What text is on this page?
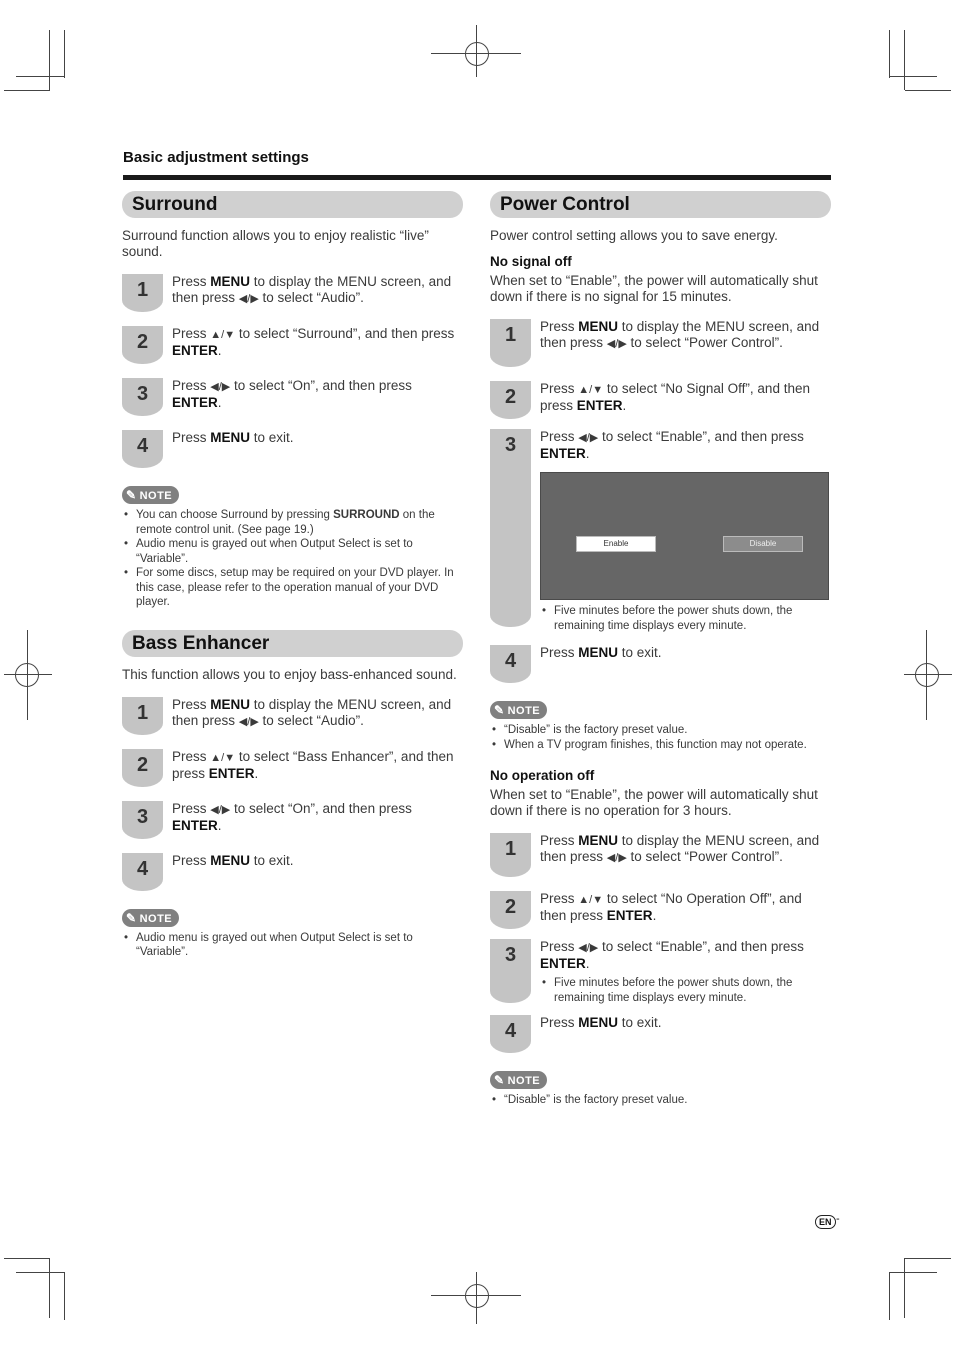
Basic adjustment settings
Surround

Surround function allows you to enjoy realistic “live” sound.

1	Press MENU to display the MENU screen, and then press ◀/▶ to select “Audio”.
2	Press ▲/▼ to select “Surround”, and then press ENTER.
3	Press ◀/▶ to select “On”, and then press ENTER.
4	Press MENU to exit.
✎ NOTE
• You can choose Surround by pressing SURROUND on the remote control unit. (See page 19.)
• Audio menu is grayed out when Output Select is set to “Variable”.
• For some discs, setup may be required on your DVD player. In this case, please refer to the operation manual of your DVD player.
Bass Enhancer

This function allows you to enjoy bass-enhanced sound.

1	Press MENU to display the MENU screen, and then press ◀/▶ to select “Audio”.
2	Press ▲/▼ to select “Bass Enhancer”, and then press ENTER.
3	Press ◀/▶ to select “On”, and then press ENTER.
4	Press MENU to exit.
✎ NOTE
• Audio menu is grayed out when Output Select is set to “Variable”.
Power Control

Power control setting allows you to save energy.

No signal off

When set to “Enable”, the power will automatically shut down if there is no signal for 15 minutes.

1	Press MENU to display the MENU screen, and then press ◀/▶ to select “Power Control”.
2	Press ▲/▼ to select “No Signal Off”, and then press ENTER.
3	Press ◀/▶ to select “Enable”, and then press ENTER.
Enable	Disable
• Five minutes before the power shuts down, the remaining time displays every minute.
4	Press MENU to exit.
✎ NOTE
• “Disable” is the factory preset value.
• When a TV program finishes, this function may not operate.
No operation off

When set to “Enable”, the power will automatically shut down if there is no operation for 3 hours.

1	Press MENU to display the MENU screen, and then press ◀/▶ to select “Power Control”.
2	Press ▲/▼ to select “No Operation Off”, and then press ENTER.
3	Press ◀/▶ to select “Enable”, and then press ENTER.
• Five minutes before the power shuts down, the remaining time displays every minute.
4	Press MENU to exit.
✎ NOTE
• “Disable” is the factory preset value.
EN -
